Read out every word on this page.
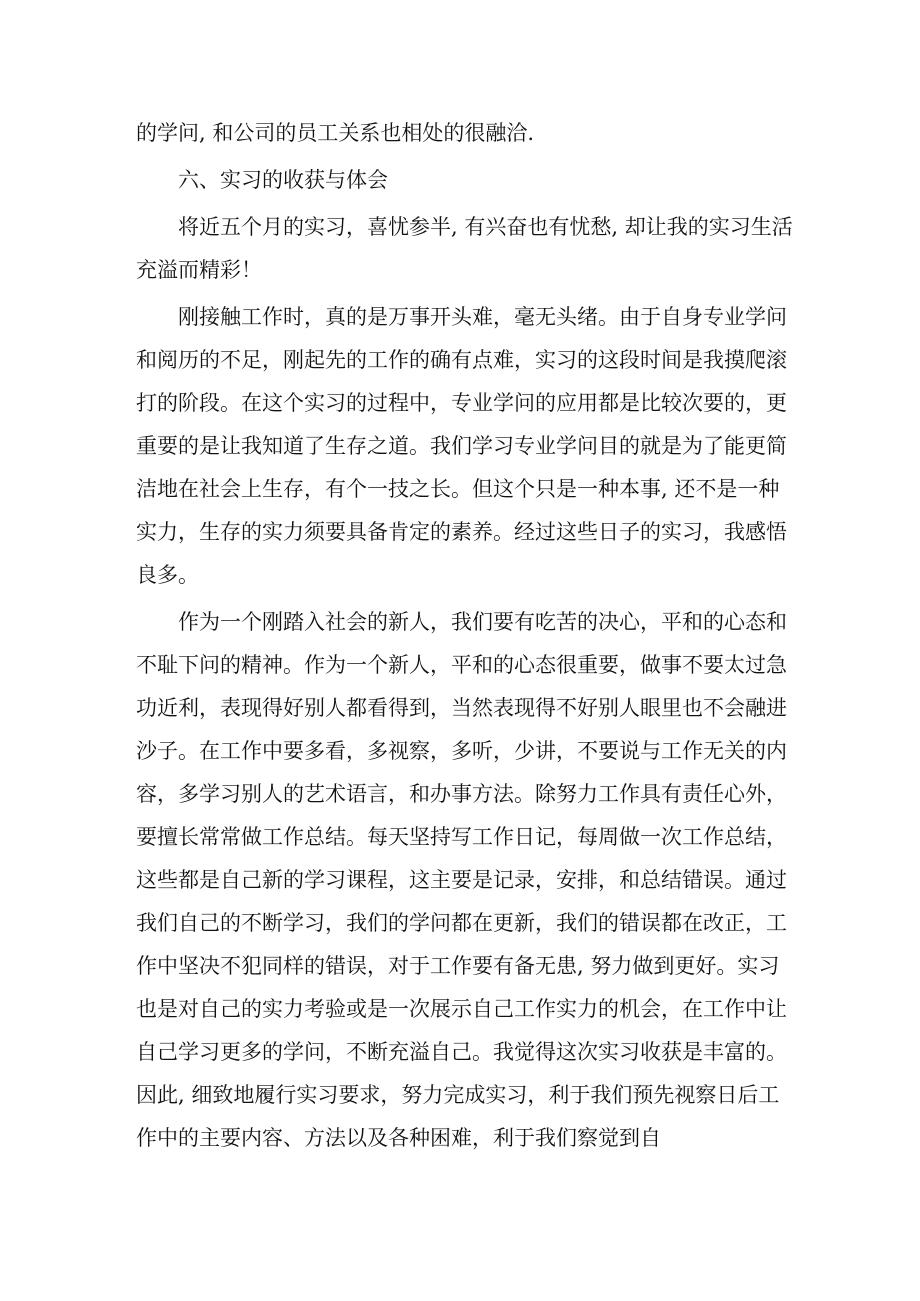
的学问, 和公司的员工关系也相处的很融洽.

六、实习的收获与体会

将近五个月的实习，喜忧参半, 有兴奋也有忧愁, 却让我的实习生活充溢而精彩！

刚接触工作时，真的是万事开头难，毫无头绪。由于自身专业学问和阅历的不足，刚起先的工作的确有点难，实习的这段时间是我摸爬滚打的阶段。在这个实习的过程中，专业学问的应用都是比较次要的，更重要的是让我知道了生存之道。我们学习专业学问目的就是为了能更简洁地在社会上生存，有个一技之长。但这个只是一种本事, 还不是一种实力，生存的实力须要具备肯定的素养。经过这些日子的实习，我感悟良多。

作为一个刚踏入社会的新人，我们要有吃苦的决心，平和的心态和不耻下问的精神。作为一个新人，平和的心态很重要，做事不要太过急功近利，表现得好别人都看得到，当然表现得不好别人眼里也不会融进沙子。在工作中要多看，多视察，多听，少讲，不要说与工作无关的内容，多学习别人的艺术语言，和办事方法。除努力工作具有责任心外，要擅长常常做工作总结。每天坚持写工作日记，每周做一次工作总结，这些都是自己新的学习课程，这主要是记录，安排，和总结错误。通过我们自己的不断学习，我们的学问都在更新，我们的错误都在改正，工作中坚决不犯同样的错误，对于工作要有备无患, 努力做到更好。实习也是对自己的实力考验或是一次展示自己工作实力的机会，在工作中让自己学习更多的学问，不断充溢自己。我觉得这次实习收获是丰富的。因此, 细致地履行实习要求，努力完成实习，利于我们预先视察日后工作中的主要内容、方法以及各种困难，利于我们察觉到自
